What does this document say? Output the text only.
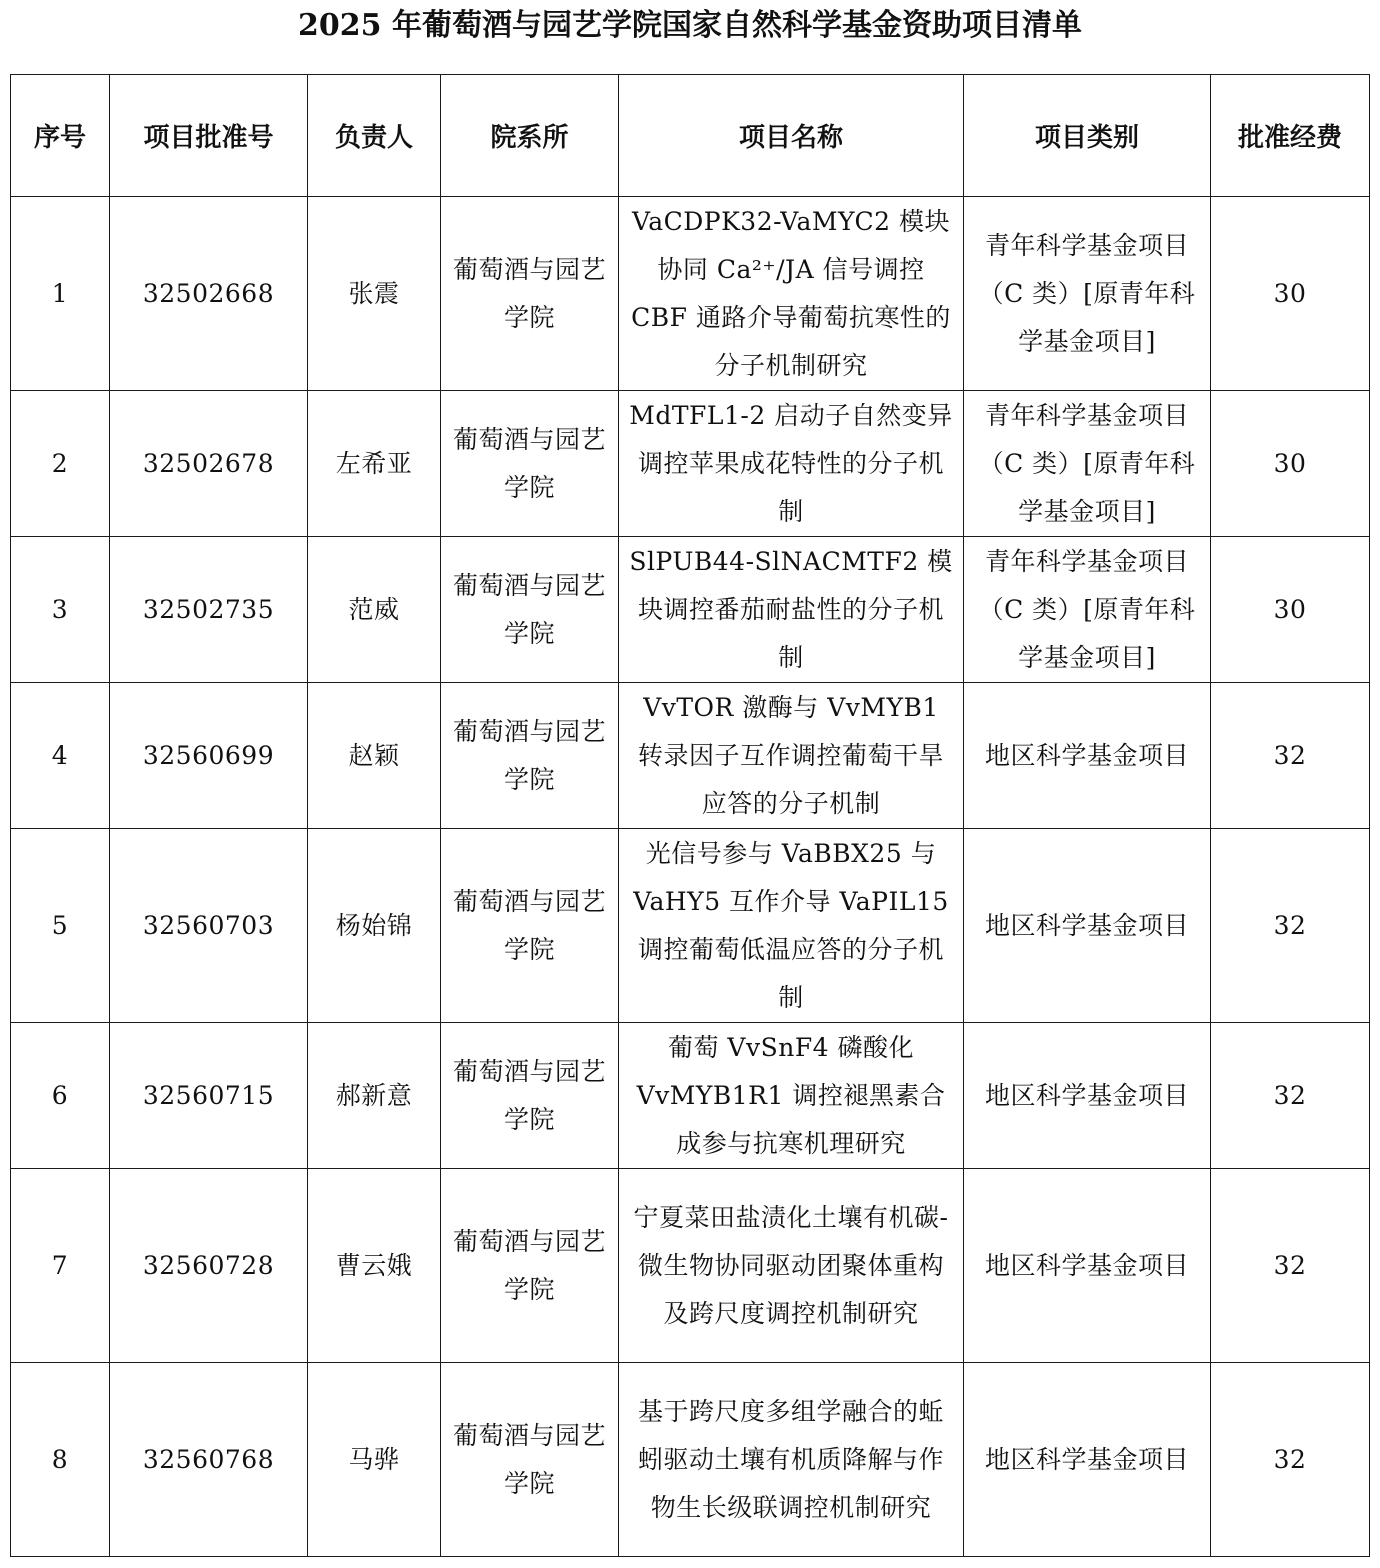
2025 年葡萄酒与园艺学院国家自然科学基金资助项目清单
序号	项目批准号	负责人	院系所	项目名称	项目类别	批准经费
1	32502668	张震	葡萄酒与园艺学院	VaCDPK32-VaMYC2 模块协同 Ca²⁺/JA 信号调控 CBF 通路介导葡萄抗寒性的分子机制研究	青年科学基金项目（C 类）[原青年科学基金项目]	30
2	32502678	左希亚	葡萄酒与园艺学院	MdTFL1-2 启动子自然变异调控苹果成花特性的分子机制	青年科学基金项目（C 类）[原青年科学基金项目]	30
3	32502735	范威	葡萄酒与园艺学院	SlPUB44-SlNACMTF2 模块调控番茄耐盐性的分子机制	青年科学基金项目（C 类）[原青年科学基金项目]	30
4	32560699	赵颖	葡萄酒与园艺学院	VvTOR 激酶与 VvMYB1 转录因子互作调控葡萄干旱应答的分子机制	地区科学基金项目	32
5	32560703	杨始锦	葡萄酒与园艺学院	光信号参与 VaBBX25 与 VaHY5 互作介导 VaPIL15 调控葡萄低温应答的分子机制	地区科学基金项目	32
6	32560715	郝新意	葡萄酒与园艺学院	葡萄 VvSnF4 磷酸化 VvMYB1R1 调控褪黑素合成参与抗寒机理研究	地区科学基金项目	32
7	32560728	曹云娥	葡萄酒与园艺学院	宁夏菜田盐渍化土壤有机碳-微生物协同驱动团聚体重构及跨尺度调控机制研究	地区科学基金项目	32
8	32560768	马骅	葡萄酒与园艺学院	基于跨尺度多组学融合的蚯蚓驱动土壤有机质降解与作物生长级联调控机制研究	地区科学基金项目	32
